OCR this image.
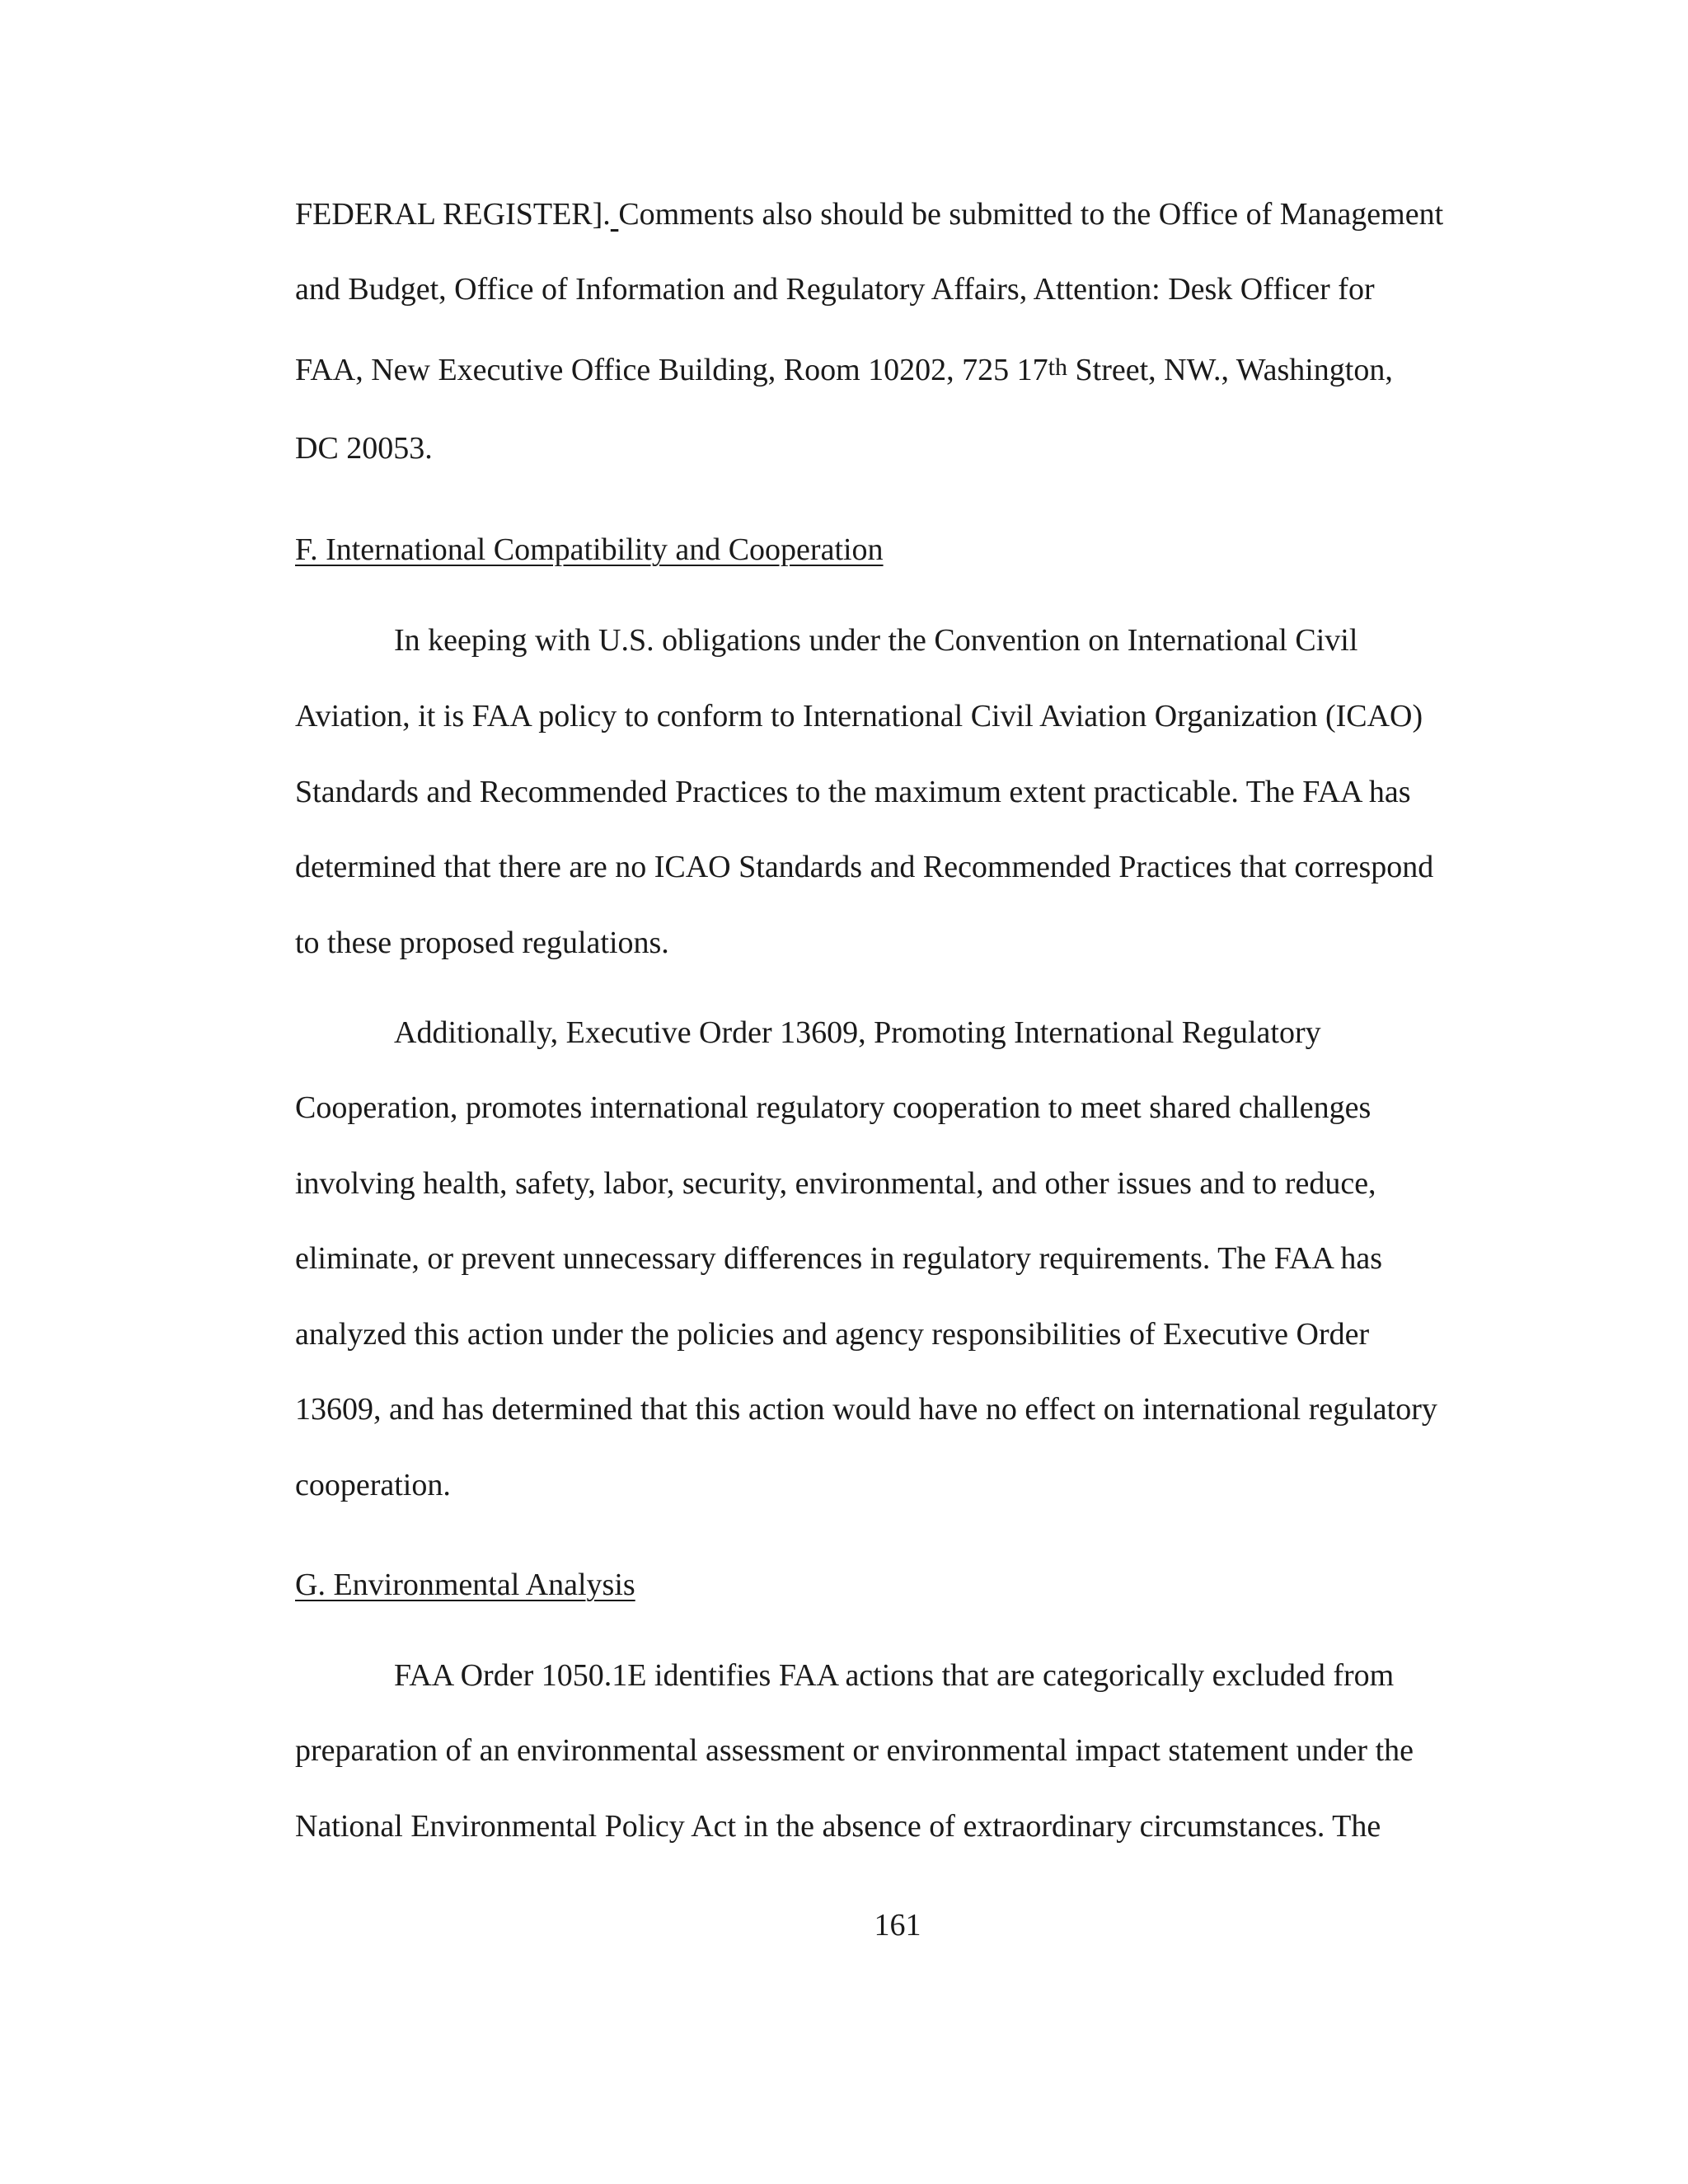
FEDERAL REGISTER]. Comments also should be submitted to the Office of Management
and Budget, Office of Information and Regulatory Affairs, Attention: Desk Officer for
FAA, New Executive Office Building, Room 10202, 725 17th Street, NW., Washington,
DC 20053.
F. International Compatibility and Cooperation
In keeping with U.S. obligations under the Convention on International Civil
Aviation, it is FAA policy to conform to International Civil Aviation Organization (ICAO)
Standards and Recommended Practices to the maximum extent practicable. The FAA has
determined that there are no ICAO Standards and Recommended Practices that correspond
to these proposed regulations.
Additionally, Executive Order 13609, Promoting International Regulatory
Cooperation, promotes international regulatory cooperation to meet shared challenges
involving health, safety, labor, security, environmental, and other issues and to reduce,
eliminate, or prevent unnecessary differences in regulatory requirements. The FAA has
analyzed this action under the policies and agency responsibilities of Executive Order
13609, and has determined that this action would have no effect on international regulatory
cooperation.
G. Environmental Analysis
FAA Order 1050.1E identifies FAA actions that are categorically excluded from
preparation of an environmental assessment or environmental impact statement under the
National Environmental Policy Act in the absence of extraordinary circumstances. The
161
